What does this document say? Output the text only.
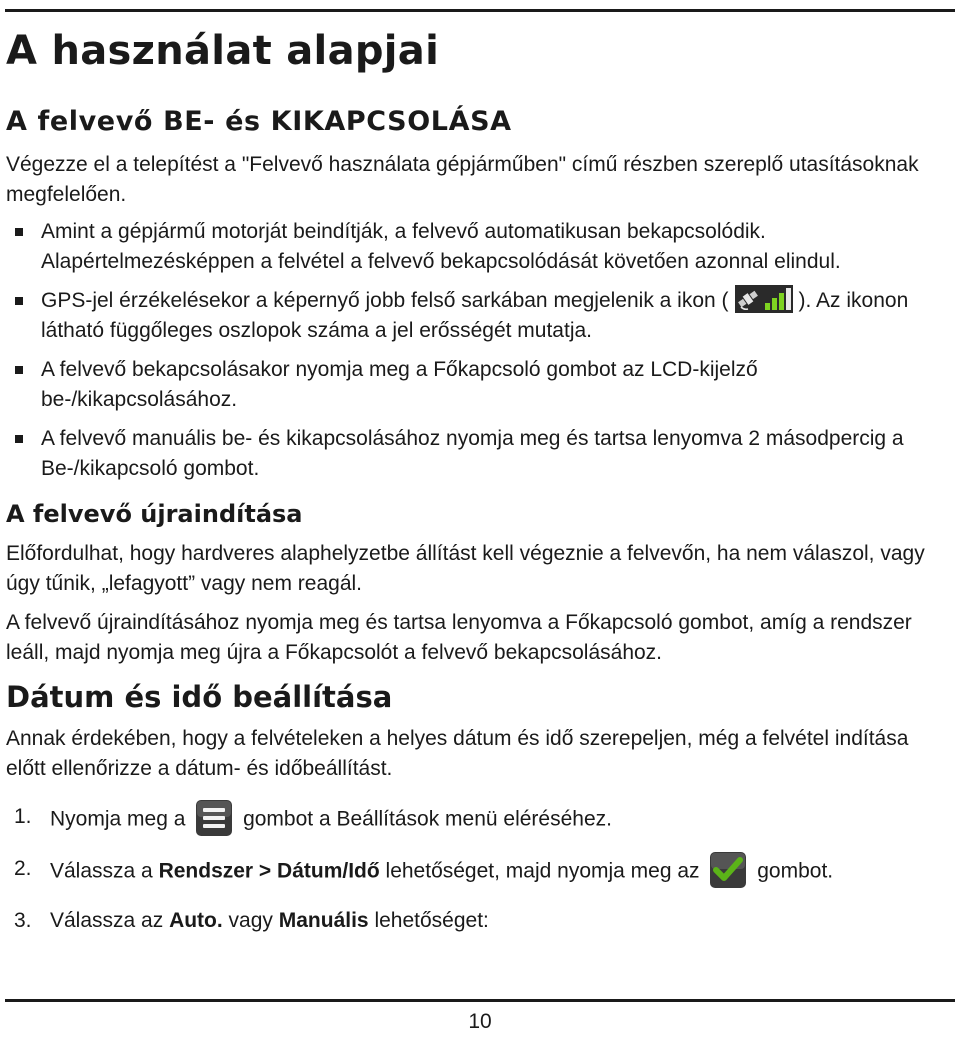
A használat alapjai
A felvevő BE- és KIKAPCSOLÁSA

Végezze el a telepítést a "Felvevő használata gépjárműben" című részben szereplő utasításoknak megfelelően.

Amint a gépjármű motorját beindítják, a felvevő automatikusan bekapcsolódik. Alapértelmezésképpen a felvétel a felvevő bekapcsolódását követően azonnal elindul.
GPS-jel érzékelésekor a képernyő jobb felső sarkában megjelenik a ikon (	). Az ikonon látható függőleges oszlopok száma a jel erősségét mutatja.
A felvevő bekapcsolásakor nyomja meg a Főkapcsoló gombot az LCD-kijelző be-/kikapcsolásához.
A felvevő manuális be- és kikapcsolásához nyomja meg és tartsa lenyomva 2 másodpercig a Be-/kikapcsoló gombot.
A felvevő újraindítása

Előfordulhat, hogy hardveres alaphelyzetbe állítást kell végeznie a felvevőn, ha nem válaszol, vagy úgy tűnik, „lefagyott” vagy nem reagál.

A felvevő újraindításához nyomja meg és tartsa lenyomva a Főkapcsoló gombot, amíg a rendszer leáll, majd nyomja meg újra a Főkapcsolót a felvevő bekapcsolásához.

Dátum és idő beállítása

Annak érdekében, hogy a felvételeken a helyes dátum és idő szerepeljen, még a felvétel indítása előtt ellenőrizze a dátum- és időbeállítást.

1. Nyomja meg a	gombot a Beállítások menü eléréséhez.
2. Válassza a Rendszer > Dátum/Idő lehetőséget, majd nyomja meg az	gombot.
3. Válassza az Auto. vagy Manuális lehetőséget:
10
